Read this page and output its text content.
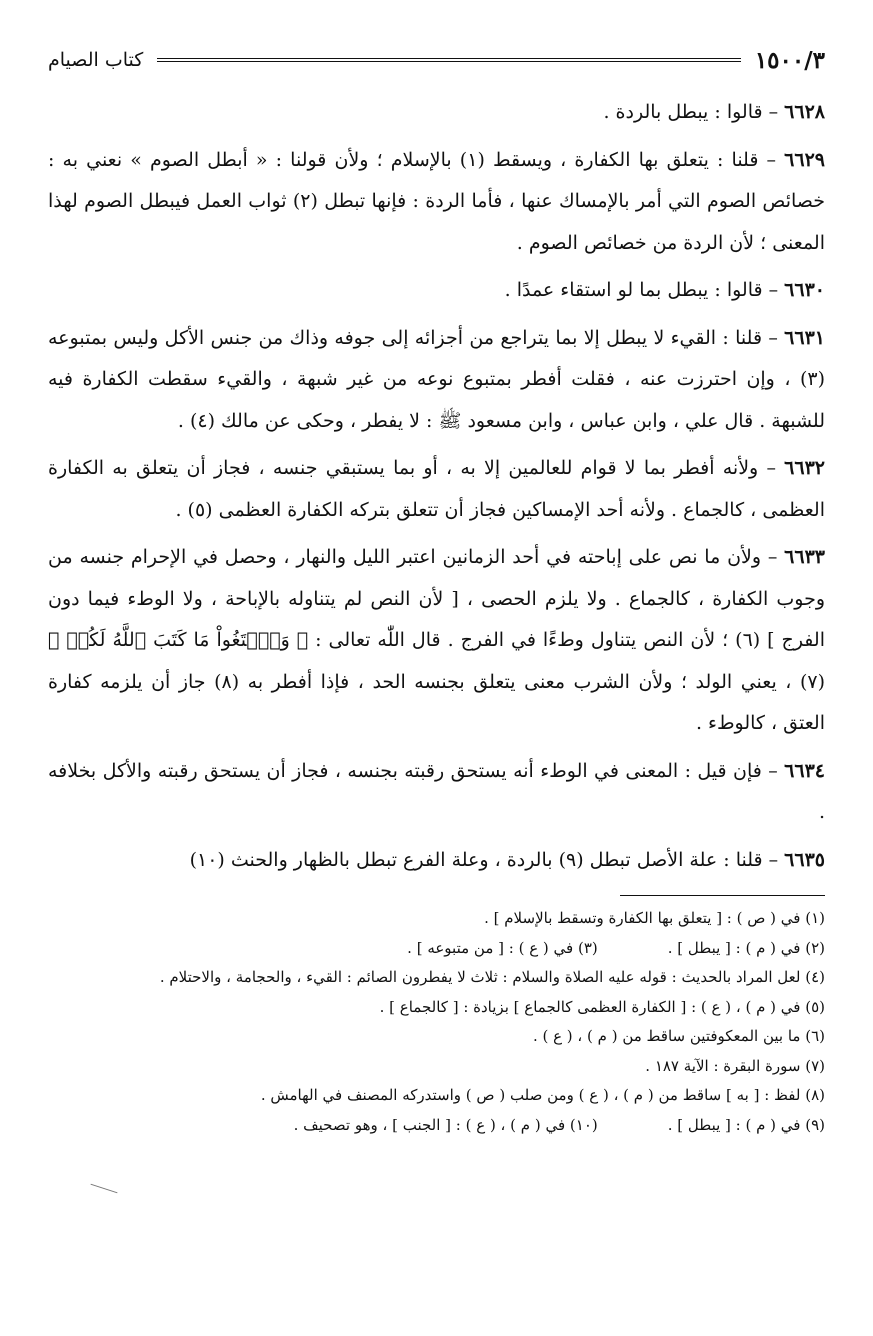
١٥٠٠/٣
كتاب الصيام

٦٦٢٨ – قالوا : يبطل بالردة .

٦٦٢٩ – قلنا : يتعلق بها الكفارة ، ويسقط (١) بالإسلام ؛ ولأن قولنا : « أبطل الصوم » نعني به : خصائص الصوم التي أمر بالإمساك عنها ، فأما الردة : فإنها تبطل (٢) ثواب العمل فيبطل الصوم لهذا المعنى ؛ لأن الردة من خصائص الصوم .

٦٦٣٠ – قالوا : يبطل بما لو استقاء عمدًا .

٦٦٣١ – قلنا : القيء لا يبطل إلا بما يتراجع من أجزائه إلى جوفه وذاك من جنس الأكل وليس بمتبوعه (٣) ، وإن احترزت عنه ، فقلت أفطر بمتبوع نوعه من غير شبهة ، والقيء سقطت الكفارة فيه للشبهة . قال علي ، وابن عباس ، وابن مسعود ﷺ : لا يفطر ، وحكى عن مالك (٤) .

٦٦٣٢ – ولأنه أفطر بما لا قوام للعالمين إلا به ، أو بما يستبقي جنسه ، فجاز أن يتعلق به الكفارة العظمى ، كالجماع . ولأنه أحد الإمساكين فجاز أن تتعلق بتركه الكفارة العظمى (٥) .

٦٦٣٣ – ولأن ما نص على إباحته في أحد الزمانين اعتبر الليل والنهار ، وحصل في الإحرام جنسه من وجوب الكفارة ، كالجماع . ولا يلزم الحصى ، [ لأن النص لم يتناوله بالإباحة ، ولا الوطء فيما دون الفرج ] (٦) ؛ لأن النص يتناول وطءًا في الفرج . قال اللّٰه تعالى : ﴿ وَٱبۡتَغُواْ مَا كَتَبَ ٱللَّهُ لَكُمۡ ﴾ (٧) ، يعني الولد ؛ ولأن الشرب معنى يتعلق بجنسه الحد ، فإذا أفطر به (٨) جاز أن يلزمه كفارة العتق ، كالوطء .

٦٦٣٤ – فإن قيل : المعنى في الوطء أنه يستحق رقبته بجنسه ، فجاز أن يستحق رقبته والأكل بخلافه .

٦٦٣٥ – قلنا : علة الأصل تبطل (٩) بالردة ، وعلة الفرع تبطل بالظهار والحنث (١٠)

(١) في ( ص ) : [ يتعلق بها الكفارة وتسقط بالإسلام ] .
(٢) في ( م ) : [ يبطل ] .
(٣) في ( ع ) : [ من متبوعه ] .
(٤) لعل المراد بالحديث : قوله عليه الصلاة والسلام : ثلاث لا يفطرون الصائم : القيء ، والحجامة ، والاحتلام .
(٥) في ( م ) ، ( ع ) : [ الكفارة العظمى كالجماع ] بزيادة : [ كالجماع ] .
(٦) ما بين المعكوفتين ساقط من ( م ) ، ( ع ) .
(٧) سورة البقرة : الآية ١٨٧ .
(٨) لفظ : [ به ] ساقط من ( م ) ، ( ع ) ومن صلب ( ص ) واستدركه المصنف في الهامش .
(٩) في ( م ) : [ يبطل ] .
(١٠) في ( م ) ، ( ع ) : [ الجنب ] ، وهو تصحيف .
